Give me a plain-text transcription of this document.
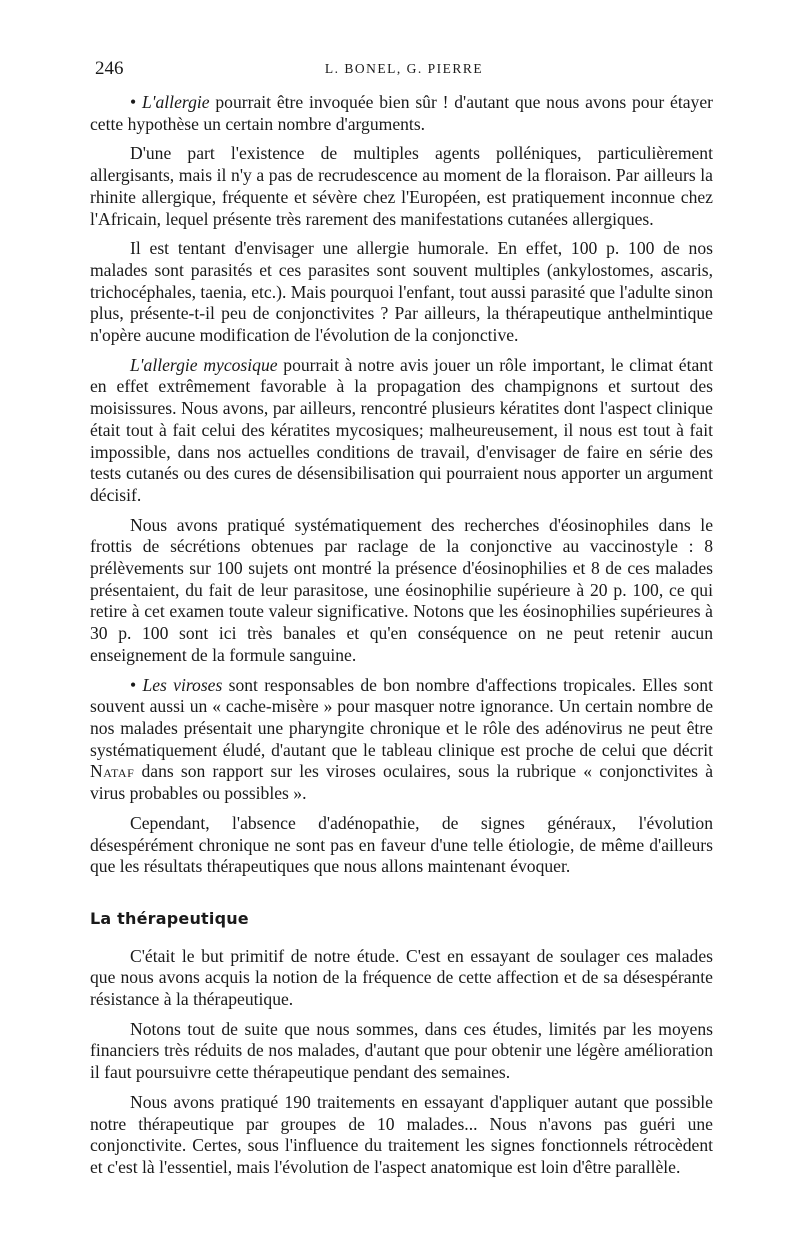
246	L. BONEL, G. PIERRE

• L'allergie pourrait être invoquée bien sûr ! d'autant que nous avons pour étayer cette hypothèse un certain nombre d'arguments.

D'une part l'existence de multiples agents polléniques, particulièrement allergisants, mais il n'y a pas de recrudescence au moment de la floraison. Par ailleurs la rhinite allergique, fréquente et sévère chez l'Européen, est pratiquement inconnue chez l'Africain, lequel présente très rarement des manifestations cutanées allergiques.

Il est tentant d'envisager une allergie humorale. En effet, 100 p. 100 de nos malades sont parasités et ces parasites sont souvent multiples (ankylostomes, ascaris, trichocéphales, taenia, etc.). Mais pourquoi l'enfant, tout aussi parasité que l'adulte sinon plus, présente-t-il peu de conjonctivites ? Par ailleurs, la thérapeutique anthelmintique n'opère aucune modification de l'évolution de la conjonctive.

L'allergie mycosique pourrait à notre avis jouer un rôle important, le climat étant en effet extrêmement favorable à la propagation des champignons et surtout des moisissures. Nous avons, par ailleurs, rencontré plusieurs kératites dont l'aspect clinique était tout à fait celui des kératites mycosiques; malheureusement, il nous est tout à fait impossible, dans nos actuelles conditions de travail, d'envisager de faire en série des tests cutanés ou des cures de désensibilisation qui pourraient nous apporter un argument décisif.

Nous avons pratiqué systématiquement des recherches d'éosinophiles dans le frottis de sécrétions obtenues par raclage de la conjonctive au vaccinostyle : 8 prélèvements sur 100 sujets ont montré la présence d'éosinophilies et 8 de ces malades présentaient, du fait de leur parasitose, une éosinophilie supérieure à 20 p. 100, ce qui retire à cet examen toute valeur significative. Notons que les éosinophilies supérieures à 30 p. 100 sont ici très banales et qu'en conséquence on ne peut retenir aucun enseignement de la formule sanguine.

• Les viroses sont responsables de bon nombre d'affections tropicales. Elles sont souvent aussi un « cache-misère » pour masquer notre ignorance. Un certain nombre de nos malades présentait une pharyngite chronique et le rôle des adénovirus ne peut être systématiquement éludé, d'autant que le tableau clinique est proche de celui que décrit Nataf dans son rapport sur les viroses oculaires, sous la rubrique « conjonctivites à virus probables ou possibles ».

Cependant, l'absence d'adénopathie, de signes généraux, l'évolution désespérément chronique ne sont pas en faveur d'une telle étiologie, de même d'ailleurs que les résultats thérapeutiques que nous allons maintenant évoquer.

La thérapeutique

C'était le but primitif de notre étude. C'est en essayant de soulager ces malades que nous avons acquis la notion de la fréquence de cette affection et de sa désespérante résistance à la thérapeutique.

Notons tout de suite que nous sommes, dans ces études, limités par les moyens financiers très réduits de nos malades, d'autant que pour obtenir une légère amélioration il faut poursuivre cette thérapeutique pendant des semaines.

Nous avons pratiqué 190 traitements en essayant d'appliquer autant que possible notre thérapeutique par groupes de 10 malades... Nous n'avons pas guéri une conjonctivite. Certes, sous l'influence du traitement les signes fonctionnels rétrocèdent et c'est là l'essentiel, mais l'évolution de l'aspect anatomique est loin d'être parallèle.
